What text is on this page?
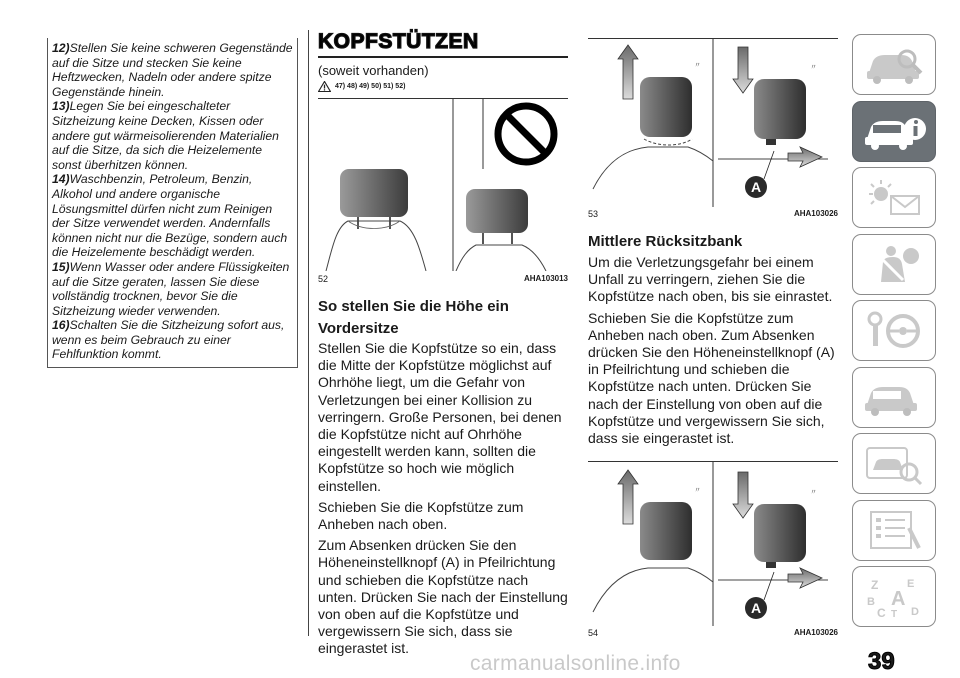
12)Stellen Sie keine schweren Gegenstände auf die Sitze und stecken Sie keine Heftzwecken, Nadeln oder andere spitze Gegenstände hinein.

13)Legen Sie bei eingeschalteter Sitzheizung keine Decken, Kissen oder andere gut wärmeisolierenden Materialien auf die Sitze, da sich die Heizelemente sonst überhitzen können.

14)Waschbenzin, Petroleum, Benzin, Alkohol und andere organische Lösungsmittel dürfen nicht zum Reinigen der Sitze verwendet werden. Andernfalls können nicht nur die Bezüge, sondern auch die Heizelemente beschädigt werden.

15)Wenn Wasser oder andere Flüssigkeiten auf die Sitze geraten, lassen Sie diese vollständig trocknen, bevor Sie die Sitzheizung wieder verwenden.

16)Schalten Sie die Sitzheizung sofort aus, wenn es beim Gebrauch zu einer Fehlfunktion kommt.

KOPFSTÜTZEN
(soweit vorhanden)
47) 48) 49) 50) 51) 52)
52	AHA103013
So stellen Sie die Höhe ein
Vordersitze

Stellen Sie die Kopfstütze so ein, dass die Mitte der Kopfstütze möglichst auf Ohrhöhe liegt, um die Gefahr von Verletzungen bei einer Kollision zu verringern. Große Personen, bei denen die Kopfstütze nicht auf Ohrhöhe eingestellt werden kann, sollten die Kopfstütze so hoch wie möglich einstellen.

Schieben Sie die Kopfstütze zum Anheben nach oben.

Zum Absenken drücken Sie den Höheneinstellknopf (A) in Pfeilrichtung und schieben die Kopfstütze nach unten. Drücken Sie nach der Einstellung von oben auf die Kopfstütze und vergewissern Sie sich, dass sie eingerastet ist.

〃	〃
A
53	AHA103026
Mittlere Rücksitzbank

Um die Verletzungsgefahr bei einem Unfall zu verringern, ziehen Sie die Kopfstütze nach oben, bis sie einrastet.

Schieben Sie die Kopfstütze zum Anheben nach oben. Zum Absenken drücken Sie den Höheneinstellknopf (A) in Pfeilrichtung und schieben die Kopfstütze nach unten. Drücken Sie nach der Einstellung von oben auf die Kopfstütze und vergewissern Sie sich, dass sie eingerastet ist.

〃	〃
A
54	AHA103026
Z	E
B A
C T D
39
carmanualsonline.info
